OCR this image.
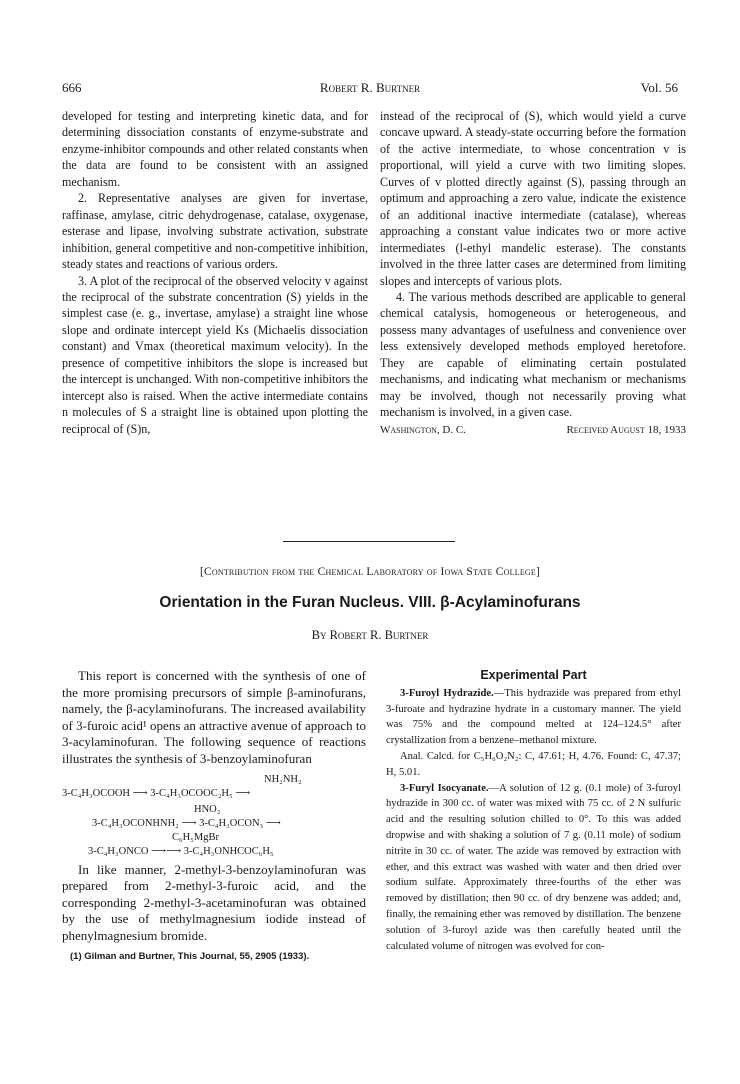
666	Robert R. Burtner	Vol. 56

developed for testing and interpreting kinetic data, and for determining dissociation constants of enzyme-substrate and enzyme-inhibitor compounds and other related constants when the data are found to be consistent with an assigned mechanism.

2. Representative analyses are given for invertase, raffinase, amylase, citric dehydrogenase, catalase, oxygenase, esterase and lipase, involving substrate activation, substrate inhibition, general competitive and non-competitive inhibition, steady states and reactions of various orders.

3. A plot of the reciprocal of the observed velocity v against the reciprocal of the substrate concentration (S) yields in the simplest case (e. g., invertase, amylase) a straight line whose slope and ordinate intercept yield Ks (Michaelis dissociation constant) and Vmax (theoretical maximum velocity). In the presence of competitive inhibitors the slope is increased but the intercept is unchanged. With non-competitive inhibitors the intercept also is raised. When the active intermediate contains n molecules of S a straight line is obtained upon plotting the reciprocal of (S)n,

instead of the reciprocal of (S), which would yield a curve concave upward. A steady-state occurring before the formation of the active intermediate, to whose concentration v is proportional, will yield a curve with two limiting slopes. Curves of v plotted directly against (S), passing through an optimum and approaching a zero value, indicate the existence of an additional inactive intermediate (catalase), whereas approaching a constant value indicates two or more active intermediates (l-ethyl mandelic esterase). The constants involved in the three latter cases are determined from limiting slopes and intercepts of various plots.

4. The various methods described are applicable to general chemical catalysis, homogeneous or heterogeneous, and possess many advantages of usefulness and convenience over less extensively developed methods employed heretofore. They are capable of eliminating certain postulated mechanisms, and indicating what mechanism or mechanisms may be involved, though not necessarily proving what mechanism is involved, in a given case.

Washington, D. C.	Received August 18, 1933
[Contribution from the Chemical Laboratory of Iowa State College]
Orientation in the Furan Nucleus. VIII. β-Acylaminofurans
By Robert R. Burtner

This report is concerned with the synthesis of one of the more promising precursors of simple β-aminofurans, namely, the β-acylaminofurans. The increased availability of 3-furoic acid¹ opens an attractive avenue of approach to 3-acylaminofuran. The following sequence of reactions illustrates the synthesis of 3-benzoylaminofuran

NH₂NH₂
3-C₄H₃OCOOH ⟶ 3-C₄H₃OCOOC₂H₅ ⟶
HNO₂
3-C₄H₃OCONHNH₂ ⟶ 3-C₄H₃OCON₃ ⟶
C₆H₅MgBr
3-C₄H₃ONCO ⟶⟶ 3-C₄H₃ONHCOC₆H₅

In like manner, 2-methyl-3-benzoylaminofuran was prepared from 2-methyl-3-furoic acid, and the corresponding 2-methyl-3-acetaminofuran was obtained by the use of methylmagnesium iodide instead of phenylmagnesium bromide.

(1) Gilman and Burtner, This Journal, 55, 2905 (1933).
Experimental Part

3-Furoyl Hydrazide.—This hydrazide was prepared from ethyl 3-furoate and hydrazine hydrate in a customary manner. The yield was 75% and the compound melted at 124–124.5° after crystallization from a benzene–methanol mixture.

Anal. Calcd. for C₅H₆O₂N₂: C, 47.61; H, 4.76. Found: C, 47.37; H, 5.01.

3-Furyl Isocyanate.—A solution of 12 g. (0.1 mole) of 3-furoyl hydrazide in 300 cc. of water was mixed with 75 cc. of 2 N sulfuric acid and the resulting solution chilled to 0°. To this was added dropwise and with shaking a solution of 7 g. (0.11 mole) of sodium nitrite in 30 cc. of water. The azide was removed by extraction with ether, and this extract was washed with water and then dried over sodium sulfate. Approximately three-fourths of the ether was removed by distillation; then 90 cc. of dry benzene was added; and, finally, the remaining ether was removed by distillation. The benzene solution of 3-furoyl azide was then carefully heated until the calculated volume of nitrogen was evolved for con-
